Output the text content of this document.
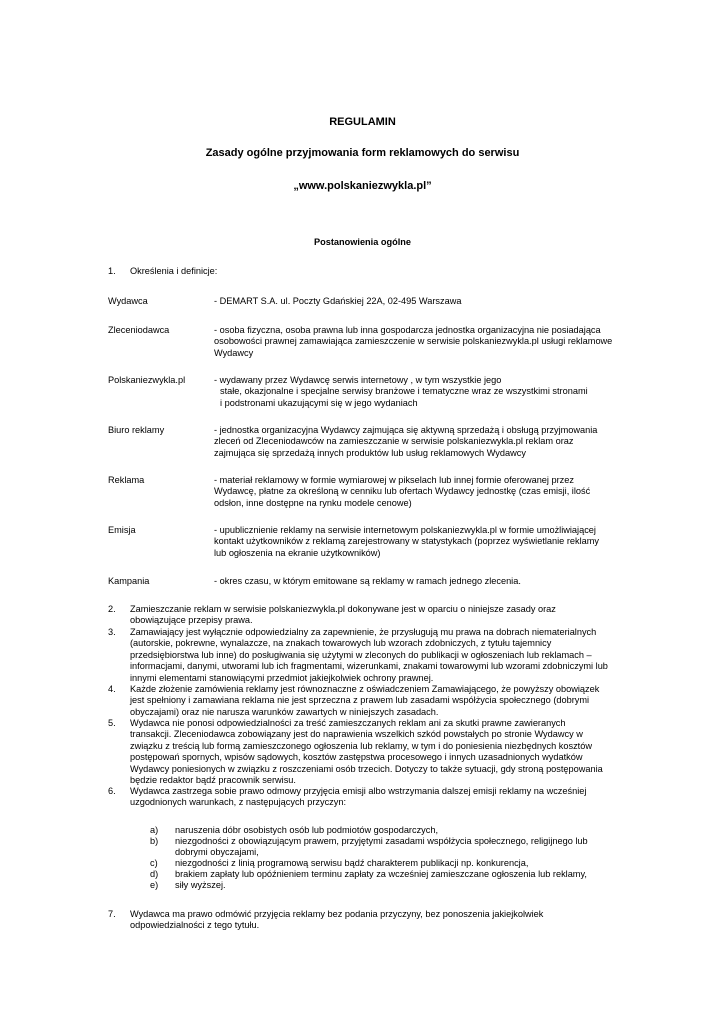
REGULAMIN
Zasady ogólne przyjmowania form reklamowych do serwisu
„www.polskaniezwykla.pl”
Postanowienia ogólne
1. Określenia i definicje:
Wydawca	- DEMART S.A. ul. Poczty Gdańskiej 22A, 02-495 Warszawa
Zleceniodawca	- osoba fizyczna, osoba prawna lub inna gospodarcza jednostka organizacyjna nie posiadająca
osobowości prawnej zamawiająca zamieszczenie w serwisie polskaniezwykla.pl usługi reklamowe
Wydawcy
Polskaniezwykla.pl	- wydawany przez Wydawcę serwis internetowy , w tym wszystkie jego
stałe, okazjonalne i specjalne serwisy branżowe i tematyczne wraz ze wszystkimi stronami
i podstronami ukazującymi się w jego wydaniach
Biuro reklamy	- jednostka organizacyjna Wydawcy zajmująca się aktywną sprzedażą i obsługą przyjmowania
zleceń od Zleceniodawców na zamieszczanie w serwisie polskaniezwykla.pl reklam oraz
zajmująca się sprzedażą innych produktów lub usług reklamowych Wydawcy
Reklama	- materiał reklamowy w formie wymiarowej w pikselach lub innej formie oferowanej przez
Wydawcę, płatne za określoną w cenniku lub ofertach Wydawcy jednostkę (czas emisji, ilość
odsłon, inne dostępne na rynku modele cenowe)
Emisja	- upublicznienie reklamy na serwisie internetowym polskaniezwykla.pl w formie umożliwiającej
kontakt użytkowników z reklamą zarejestrowany w statystykach (poprzez wyświetlanie reklamy
lub ogłoszenia na ekranie użytkowników)
Kampania	- okres czasu, w którym emitowane są reklamy w ramach jednego zlecenia.
2. Zamieszczanie reklam w serwisie polskaniezwykla.pl dokonywane jest w oparciu o niniejsze zasady oraz
obowiązujące przepisy prawa.
3. Zamawiający jest wyłącznie odpowiedzialny za zapewnienie, że przysługują mu prawa na dobrach niematerialnych
(autorskie, pokrewne, wynalazcze, na znakach towarowych lub wzorach zdobniczych, z tytułu tajemnicy
przedsiębiorstwa lub inne) do posługiwania się użytymi w zleconych do publikacji w ogłoszeniach lub reklamach –
informacjami, danymi, utworami lub ich fragmentami, wizerunkami, znakami towarowymi lub wzorami zdobniczymi lub
innymi elementami stanowiącymi przedmiot jakiejkolwiek ochrony prawnej.
4. Każde złożenie zamówienia reklamy jest równoznaczne z oświadczeniem Zamawiającego, że powyższy obowiązek
jest spełniony i zamawiana reklama nie jest sprzeczna z prawem lub zasadami współżycia społecznego (dobrymi
obyczajami) oraz nie narusza warunków zawartych w niniejszych zasadach.
5. Wydawca nie ponosi odpowiedzialności za treść zamieszczanych reklam ani za skutki prawne zawieranych
transakcji. Zleceniodawca zobowiązany jest do naprawienia wszelkich szkód powstałych po stronie Wydawcy w
związku z treścią lub formą zamieszczonego ogłoszenia lub reklamy, w tym i do poniesienia niezbędnych kosztów
postępowań spornych, wpisów sądowych, kosztów zastępstwa procesowego i innych uzasadnionych wydatków
Wydawcy poniesionych w związku z roszczeniami osób trzecich. Dotyczy to także sytuacji, gdy stroną postępowania
będzie redaktor bądź pracownik serwisu.
6. Wydawca zastrzega sobie prawo odmowy przyjęcia emisji albo wstrzymania dalszej emisji reklamy na wcześniej
uzgodnionych warunkach, z następujących przyczyn:
a) naruszenia dóbr osobistych osób lub podmiotów gospodarczych,
b) niezgodności z obowiązującym prawem, przyjętymi zasadami współżycia społecznego, religijnego lub
dobrymi obyczajami,
c) niezgodności z linią programową serwisu bądź charakterem publikacji np. konkurencja,
d) brakiem zapłaty lub opóźnieniem terminu zapłaty za wcześniej zamieszczane ogłoszenia lub reklamy,
e) siły wyższej.
7. Wydawca ma prawo odmówić przyjęcia reklamy bez podania przyczyny, bez ponoszenia jakiejkolwiek
odpowiedzialności z tego tytułu.
